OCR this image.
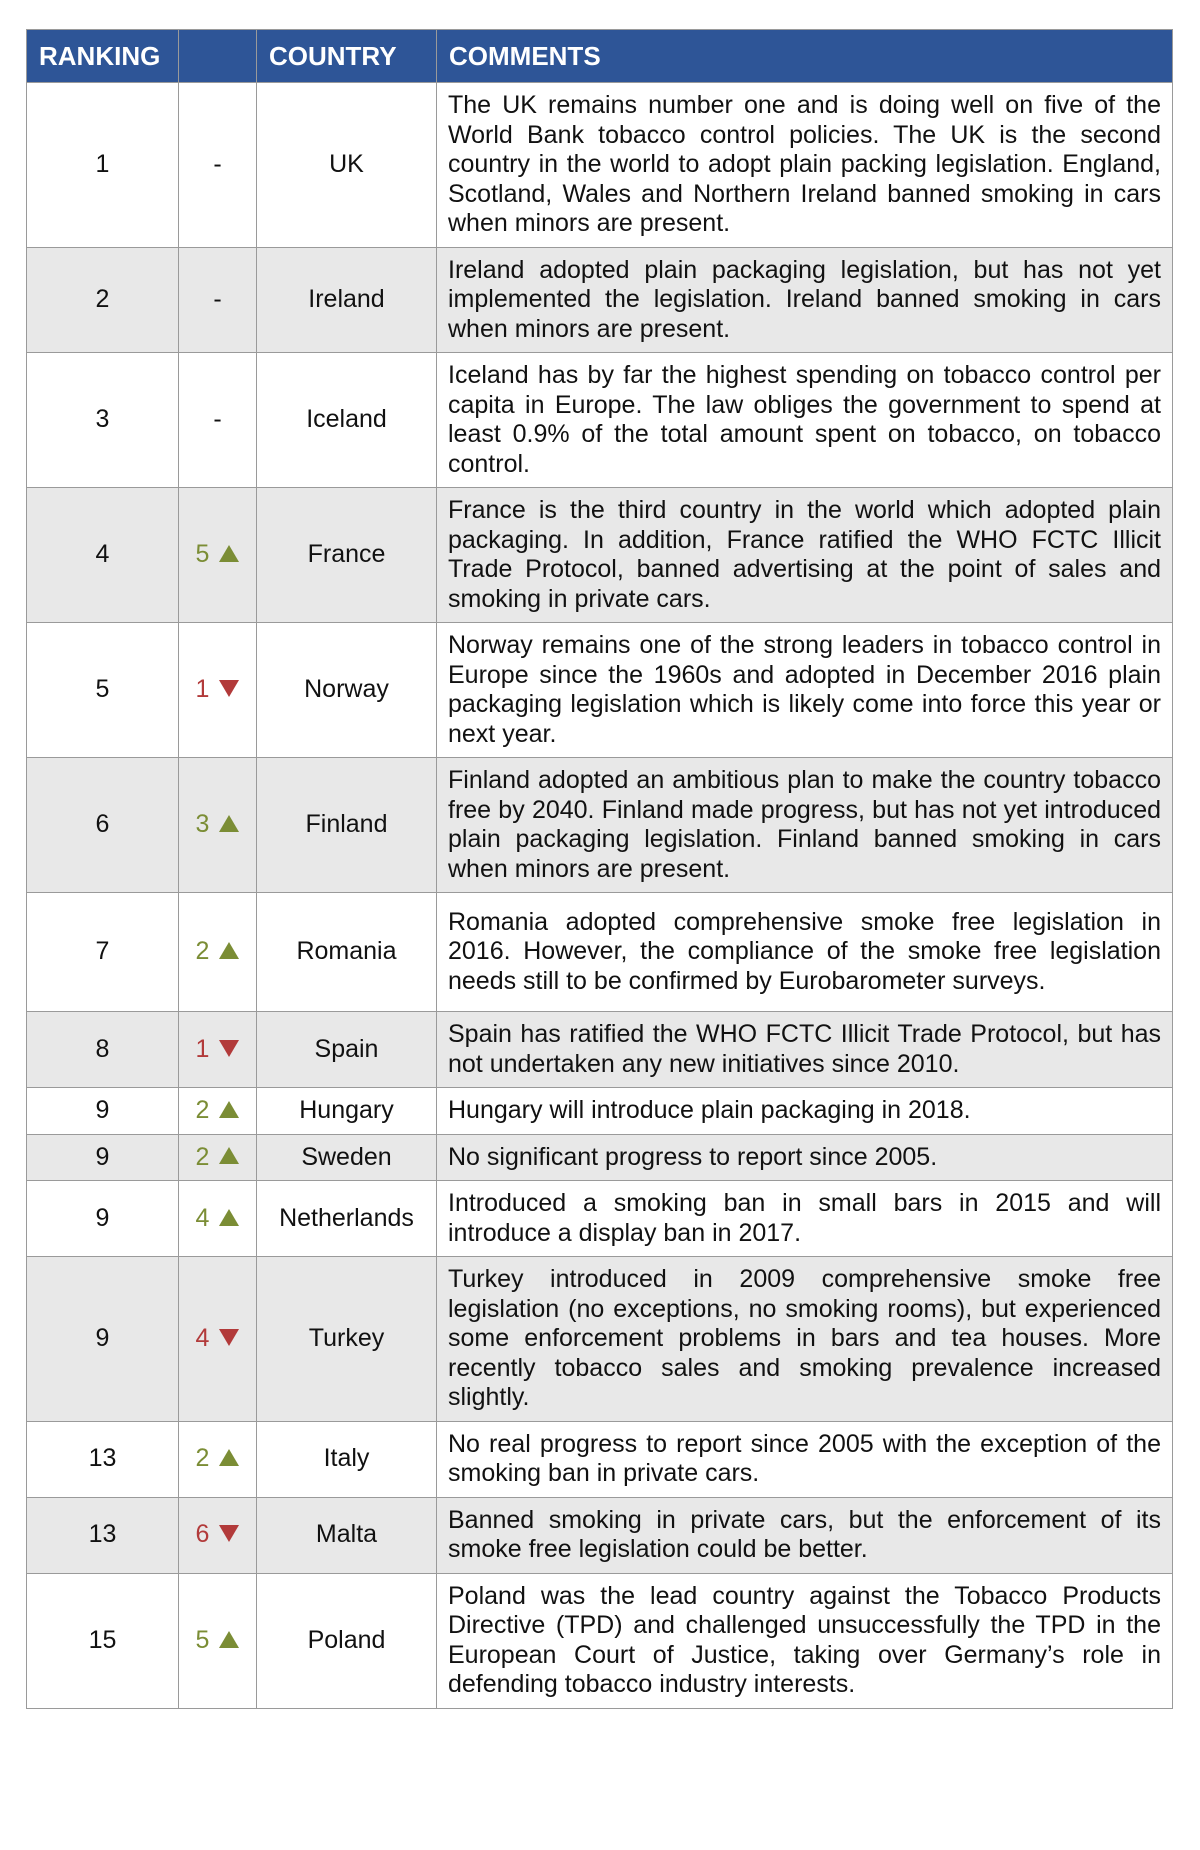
RANKING		COUNTRY	COMMENTS
1	-	UK	The UK remains number one and is doing well on five of the World Bank tobacco control policies. The UK is the second country in the world to adopt plain packing legislation. England, Scotland, Wales and Northern Ireland banned smoking in cars when minors are present.
2	-	Ireland	Ireland adopted plain packaging legislation, but has not yet implemented the legislation. Ireland banned smoking in cars when minors are present.
3	-	Iceland	Iceland has by far the highest spending on tobacco control per capita in Europe. The law obliges the government to spend at least 0.9% of the total amount spent on tobacco, on tobacco control.
4	5	France	France is the third country in the world which adopted plain packaging. In addition, France ratified the WHO FCTC Illicit Trade Protocol, banned advertising at the point of sales and smoking in private cars.
5	1	Norway	Norway remains one of the strong leaders in tobacco control in Europe since the 1960s and adopted in December 2016 plain packaging legislation which is likely come into force this year or next year.
6	3	Finland	Finland adopted an ambitious plan to make the country tobacco free by 2040. Finland made progress, but has not yet introduced plain packaging legislation. Finland banned smoking in cars when minors are present.
7	2	Romania	Romania adopted comprehensive smoke free legislation in 2016. However, the compliance of the smoke free legislation needs still to be confirmed by Eurobarometer surveys.
8	1	Spain	Spain has ratified the WHO FCTC Illicit Trade Protocol, but has not undertaken any new initiatives since 2010.
9	2	Hungary	Hungary will introduce plain packaging in 2018.
9	2	Sweden	No significant progress to report since 2005.
9	4	Netherlands	Introduced a smoking ban in small bars in 2015 and will introduce a display ban in 2017.
9	4	Turkey	Turkey introduced in 2009 comprehensive smoke free legislation (no exceptions, no smoking rooms), but experienced some enforcement problems in bars and tea houses. More recently tobacco sales and smoking prevalence increased slightly.
13	2	Italy	No real progress to report since 2005 with the exception of the smoking ban in private cars.
13	6	Malta	Banned smoking in private cars, but the enforcement of its smoke free legislation could be better.
15	5	Poland	Poland was the lead country against the Tobacco Products Directive (TPD) and challenged unsuccessfully the TPD in the European Court of Justice, taking over Germany’s role in defending tobacco industry interests.
